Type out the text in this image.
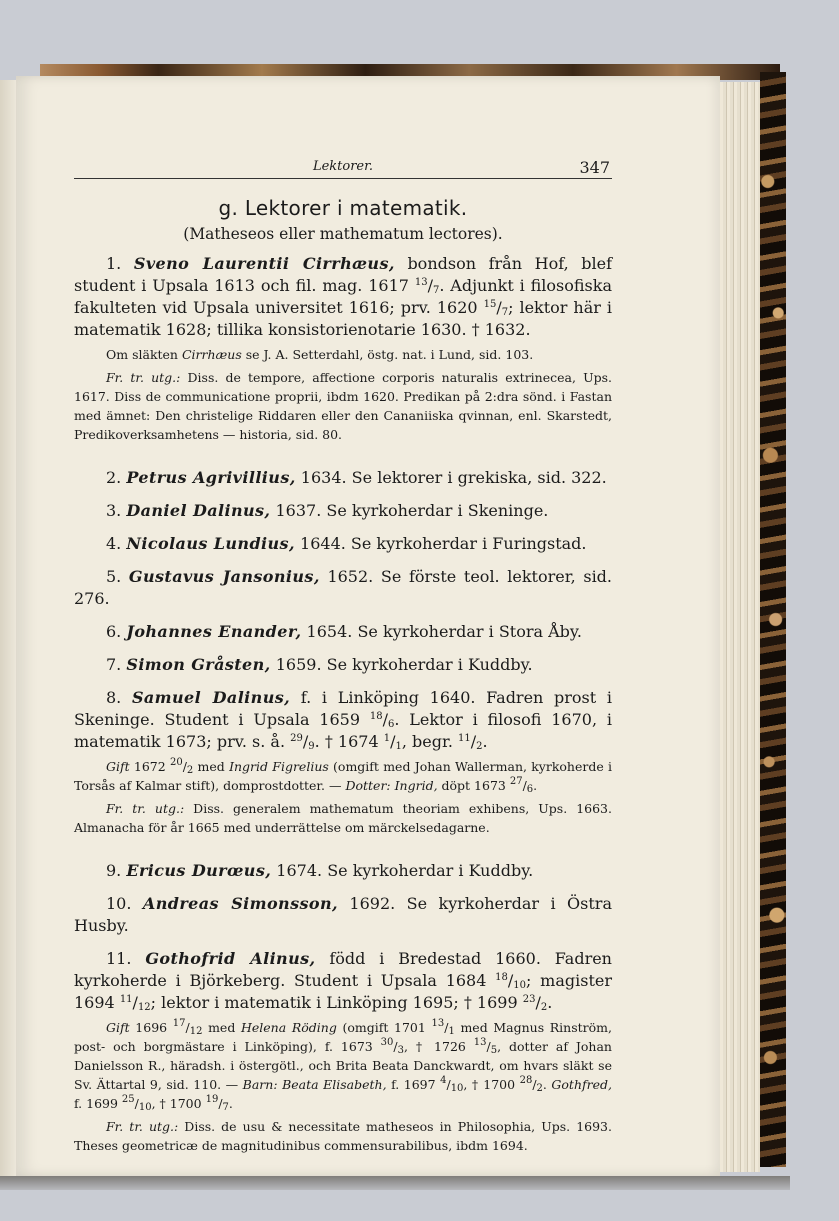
Lektorer.	347
g. Lektorer i matematik.
(Matheseos eller mathematum lectores).

1. Sveno Laurentii Cirrhæus, bondson från Hof, blef student i Upsala 1613 och fil. mag. 1617 $^{13}/_7$. Adjunkt i filosofiska fakulteten vid Upsala universitet 1616; prv. 1620 $^{15}/_7$; lektor här i matematik 1628; tillika konsistorienotarie 1630. † 1632.

Om släkten Cirrhæus se J. A. Setterdahl, östg. nat. i Lund, sid. 103.

Fr. tr. utg.: Diss. de tempore, affectione corporis naturalis extrinecea, Ups. 1617. Diss de communicatione proprii, ibdm 1620. Predikan på 2:dra sönd. i Fastan med ämnet: Den christelige Riddaren eller den Cananiiska qvinnan, enl. Skarstedt, Predikoverksamhetens — historia, sid. 80.

2. Petrus Agrivillius, 1634. Se lektorer i grekiska, sid. 322.

3. Daniel Dalinus, 1637. Se kyrkoherdar i Skeninge.

4. Nicolaus Lundius, 1644. Se kyrkoherdar i Furingstad.

5. Gustavus Jansonius, 1652. Se förste teol. lektorer, sid. 276.

6. Johannes Enander, 1654. Se kyrkoherdar i Stora Åby.

7. Simon Gråsten, 1659. Se kyrkoherdar i Kuddby.

8. Samuel Dalinus, f. i Linköping 1640. Fadren prost i Skeninge. Student i Upsala 1659 $^{18}/_6$. Lektor i filosofi 1670, i matematik 1673; prv. s. å. $^{29}/_9$. † 1674 $^1/_1$, begr. $^{11}/_2$.

Gift 1672 $^{20}/_2$ med Ingrid Figrelius (omgift med Johan Wallerman, kyrkoherde i Torsås af Kalmar stift), domprostdotter. — Dotter: Ingrid, döpt 1673 $^{27}/_6$.

Fr. tr. utg.: Diss. generalem mathematum theoriam exhibens, Ups. 1663. Almanacha för år 1665 med underrättelse om märckelsedagarne.

9. Ericus Durœus, 1674. Se kyrkoherdar i Kuddby.

10. Andreas Simonsson, 1692. Se kyrkoherdar i Östra Husby.

11. Gothofrid Alinus, född i Bredestad 1660. Fadren kyrkoherde i Björkeberg. Student i Upsala 1684 $^{18}/_{10}$; magister 1694 $^{11}/_{12}$; lektor i matematik i Linköping 1695; † 1699 $^{23}/_2$.

Gift 1696 $^{17}/_{12}$ med Helena Röding (omgift 1701 $^{13}/_1$ med Magnus Rinström, post- och borgmästare i Linköping), f. 1673 $^{30}/_3$, † 1726 $^{13}/_5$, dotter af Johan Danielsson R., häradsh. i östergötl., och Brita Beata Danckwardt, om hvars släkt se Sv. Ättartal 9, sid. 110. — Barn: Beata Elisabeth, f. 1697 $^4/_{10}$, † 1700 $^{28}/_2$. Gothfred, f. 1699 $^{25}/_{10}$, † 1700 $^{19}/_7$.

Fr. tr. utg.: Diss. de usu & necessitate matheseos in Philosophia, Ups. 1693. Theses geometricæ de magnitudinibus commensurabilibus, ibdm 1694.
